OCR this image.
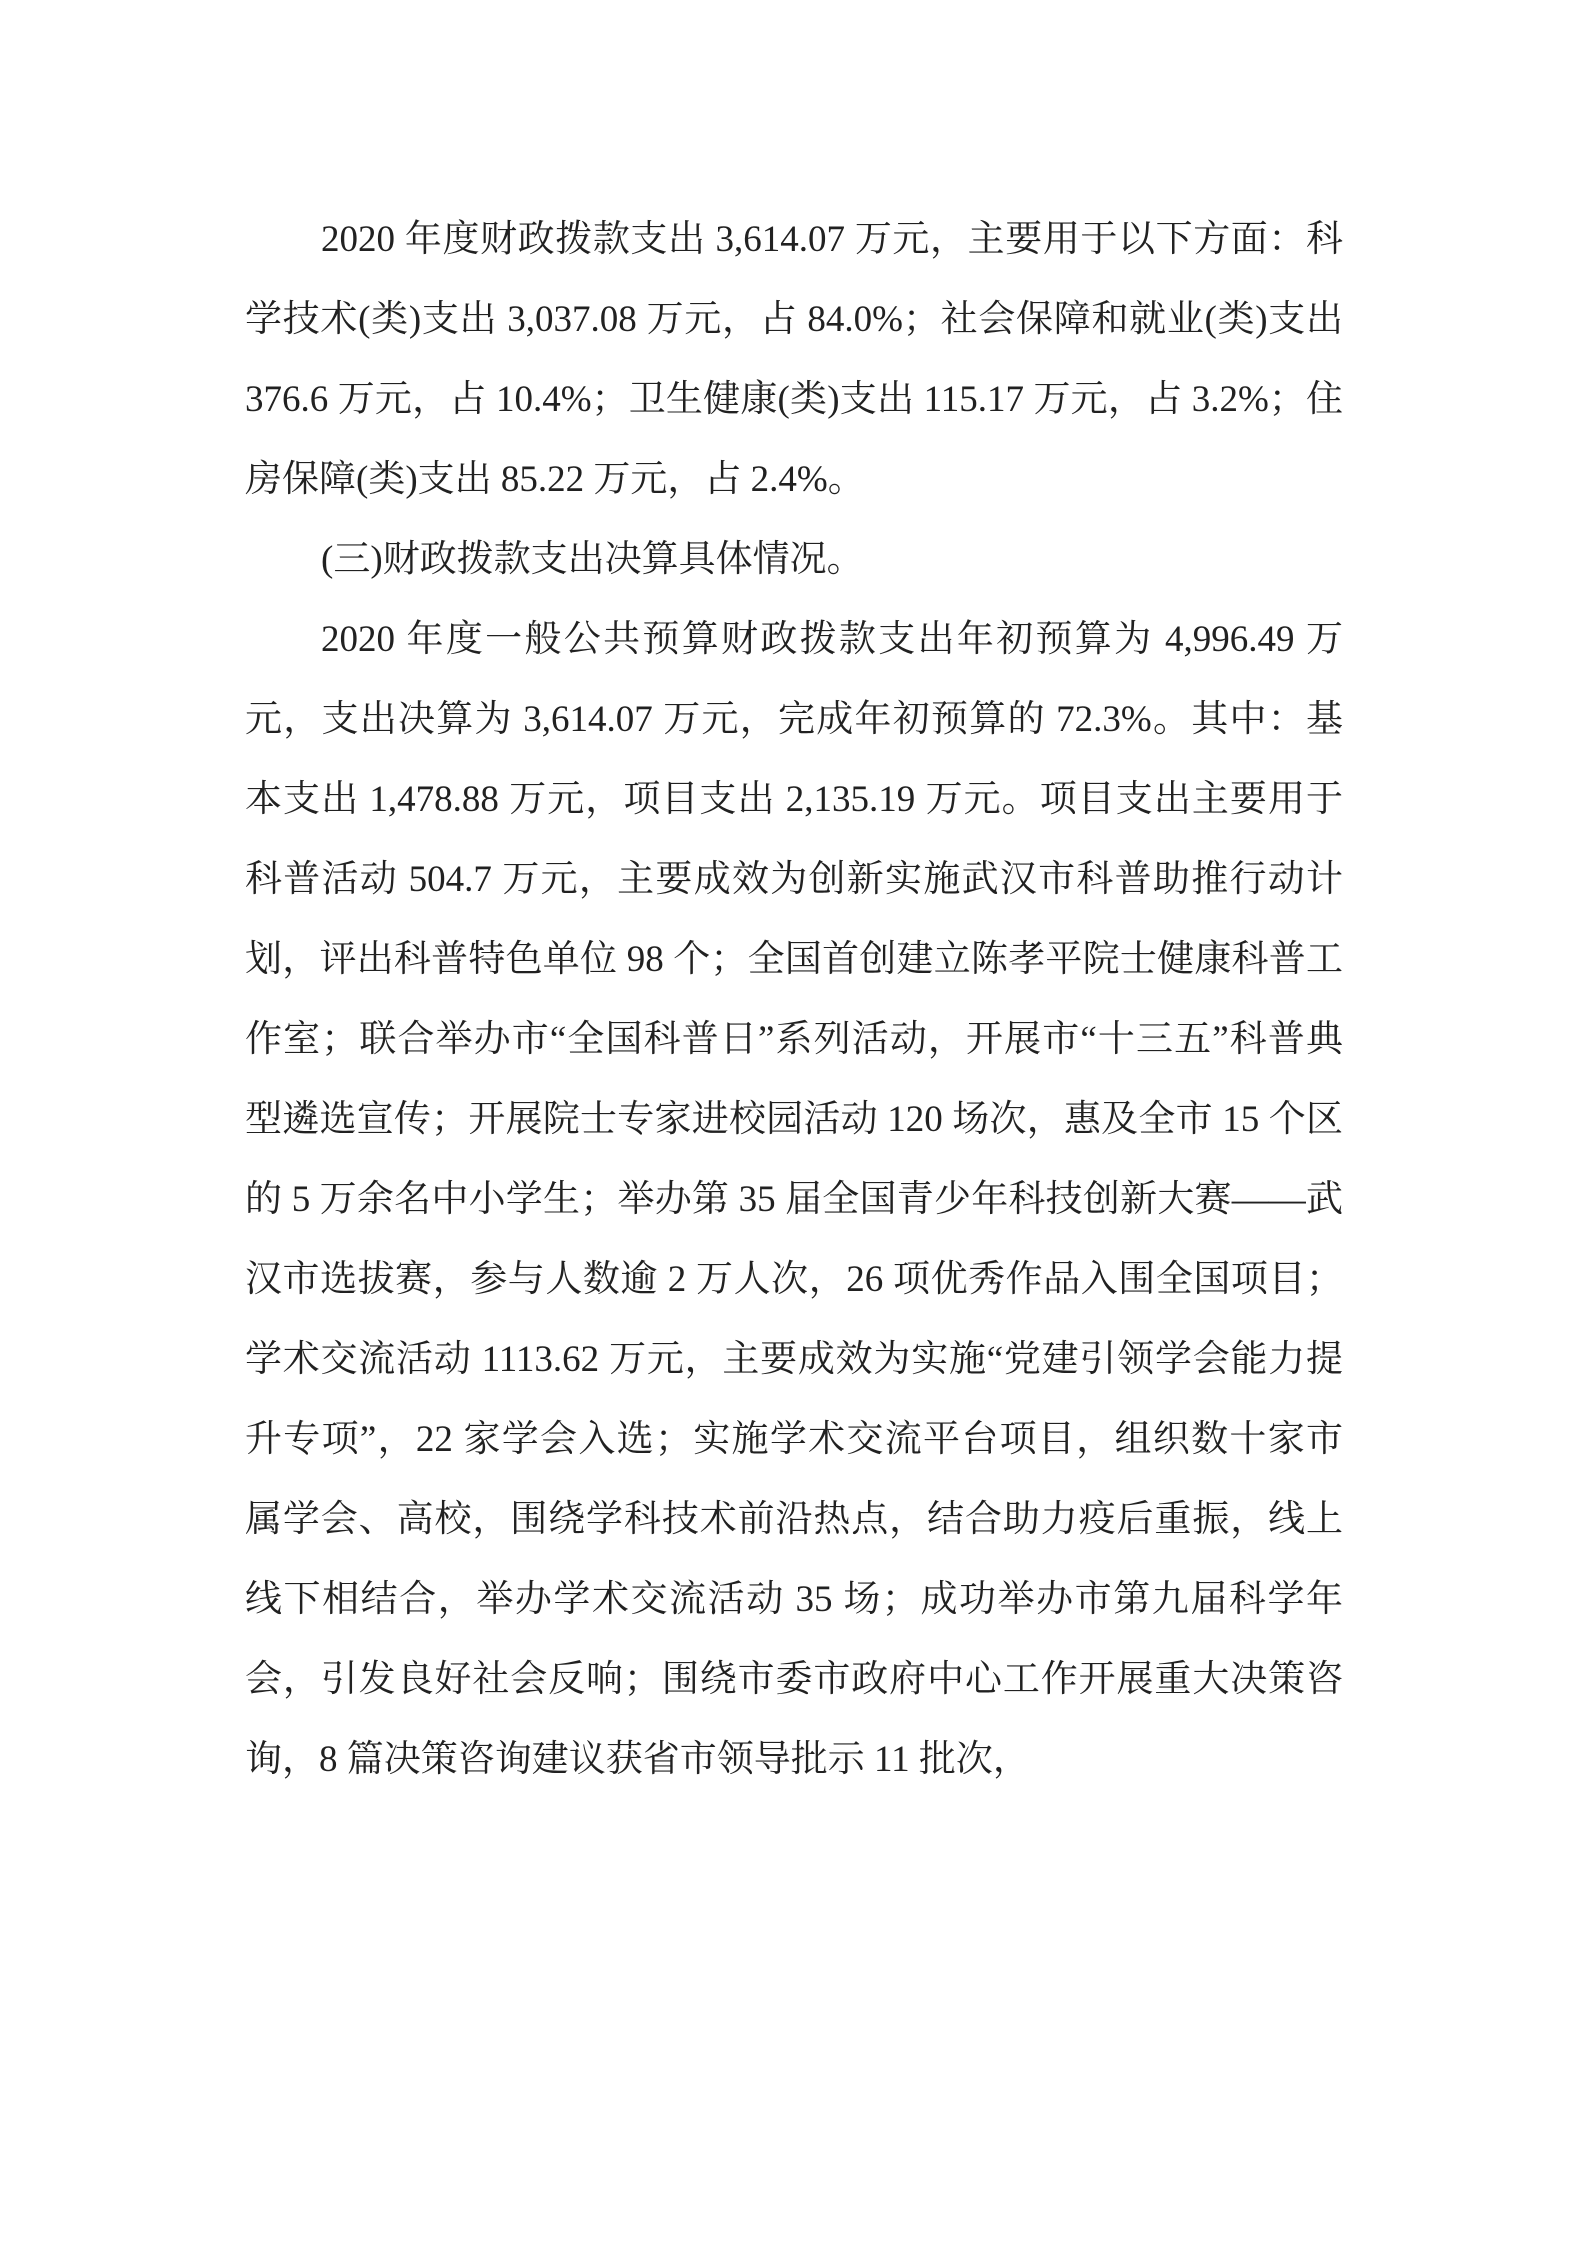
2020 年度财政拨款支出 3,614.07 万元，主要用于以下方面：科学技术(类)支出 3,037.08 万元，占 84.0%；社会保障和就业(类)支出 376.6 万元，占 10.4%；卫生健康(类)支出 115.17 万元，占 3.2%；住房保障(类)支出 85.22 万元，占 2.4%。

(三)财政拨款支出决算具体情况。

2020 年度一般公共预算财政拨款支出年初预算为 4,996.49 万元，支出决算为 3,614.07 万元，完成年初预算的 72.3%。其中：基本支出 1,478.88 万元，项目支出 2,135.19 万元。项目支出主要用于科普活动 504.7 万元，主要成效为创新实施武汉市科普助推行动计划，评出科普特色单位 98 个；全国首创建立陈孝平院士健康科普工作室；联合举办市“全国科普日”系列活动，开展市“十三五”科普典型遴选宣传；开展院士专家进校园活动 120 场次，惠及全市 15 个区的 5 万余名中小学生；举办第 35 届全国青少年科技创新大赛——武汉市选拔赛，参与人数逾 2 万人次，26 项优秀作品入围全国项目；学术交流活动 1113.62 万元，主要成效为实施“党建引领学会能力提升专项”，22 家学会入选；实施学术交流平台项目，组织数十家市属学会、高校，围绕学科技术前沿热点，结合助力疫后重振，线上线下相结合，举办学术交流活动 35 场；成功举办市第九届科学年会，引发良好社会反响；围绕市委市政府中心工作开展重大决策咨询，8 篇决策咨询建议获省市领导批示 11 批次，
